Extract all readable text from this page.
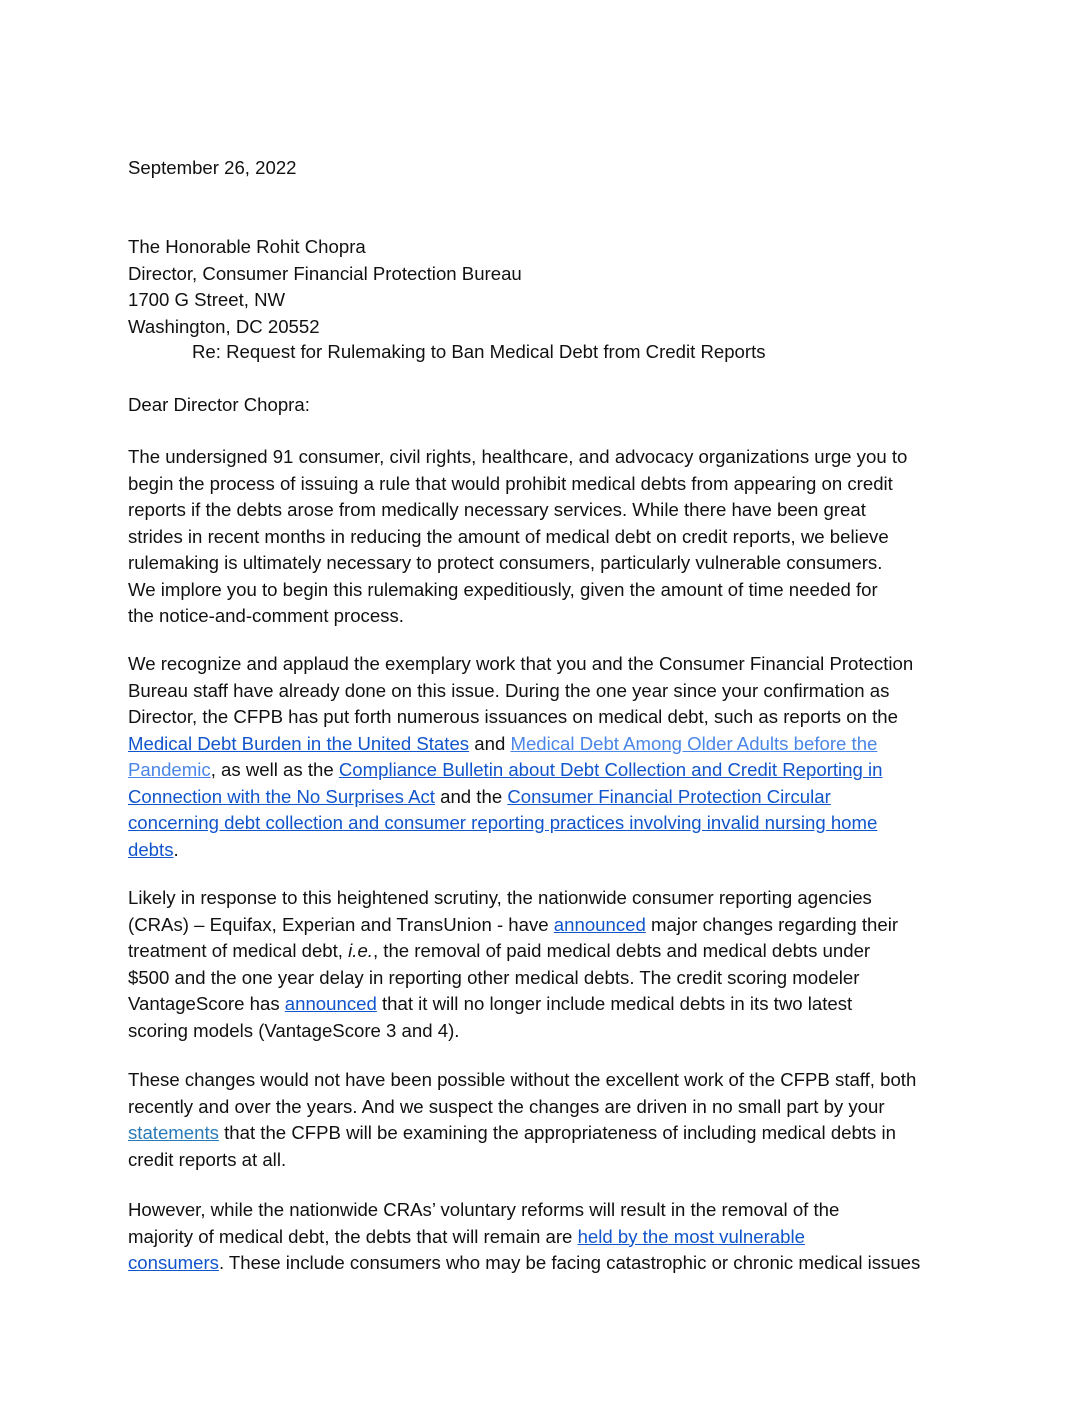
September 26, 2022

The Honorable Rohit Chopra

Director, Consumer Financial Protection Bureau

1700 G Street, NW

Washington, DC 20552

Re: Request for Rulemaking to Ban Medical Debt from Credit Reports

Dear Director Chopra:

The undersigned 91 consumer, civil rights, healthcare, and advocacy organizations urge you to

begin the process of issuing a rule that would prohibit medical debts from appearing on credit

reports if the debts arose from medically necessary services. While there have been great

strides in recent months in reducing the amount of medical debt on credit reports, we believe

rulemaking is ultimately necessary to protect consumers, particularly vulnerable consumers.

We implore you to begin this rulemaking expeditiously, given the amount of time needed for

the notice-and-comment process.

We recognize and applaud the exemplary work that you and the Consumer Financial Protection

Bureau staff have already done on this issue. During the one year since your confirmation as

Director, the CFPB has put forth numerous issuances on medical debt, such as reports on the

Medical Debt Burden in the United States and Medical Debt Among Older Adults before the

Pandemic, as well as the Compliance Bulletin about Debt Collection and Credit Reporting in

Connection with the No Surprises Act and the Consumer Financial Protection Circular

concerning debt collection and consumer reporting practices involving invalid nursing home

debts.

Likely in response to this heightened scrutiny, the nationwide consumer reporting agencies

(CRAs) – Equifax, Experian and TransUnion - have announced major changes regarding their

treatment of medical debt, i.e., the removal of paid medical debts and medical debts under

$500 and the one year delay in reporting other medical debts. The credit scoring modeler

VantageScore has announced that it will no longer include medical debts in its two latest

scoring models (VantageScore 3 and 4).

These changes would not have been possible without the excellent work of the CFPB staff, both

recently and over the years. And we suspect the changes are driven in no small part by your

statements that the CFPB will be examining the appropriateness of including medical debts in

credit reports at all.

However, while the nationwide CRAs’ voluntary reforms will result in the removal of the

majority of medical debt, the debts that will remain are held by the most vulnerable

consumers. These include consumers who may be facing catastrophic or chronic medical issues
